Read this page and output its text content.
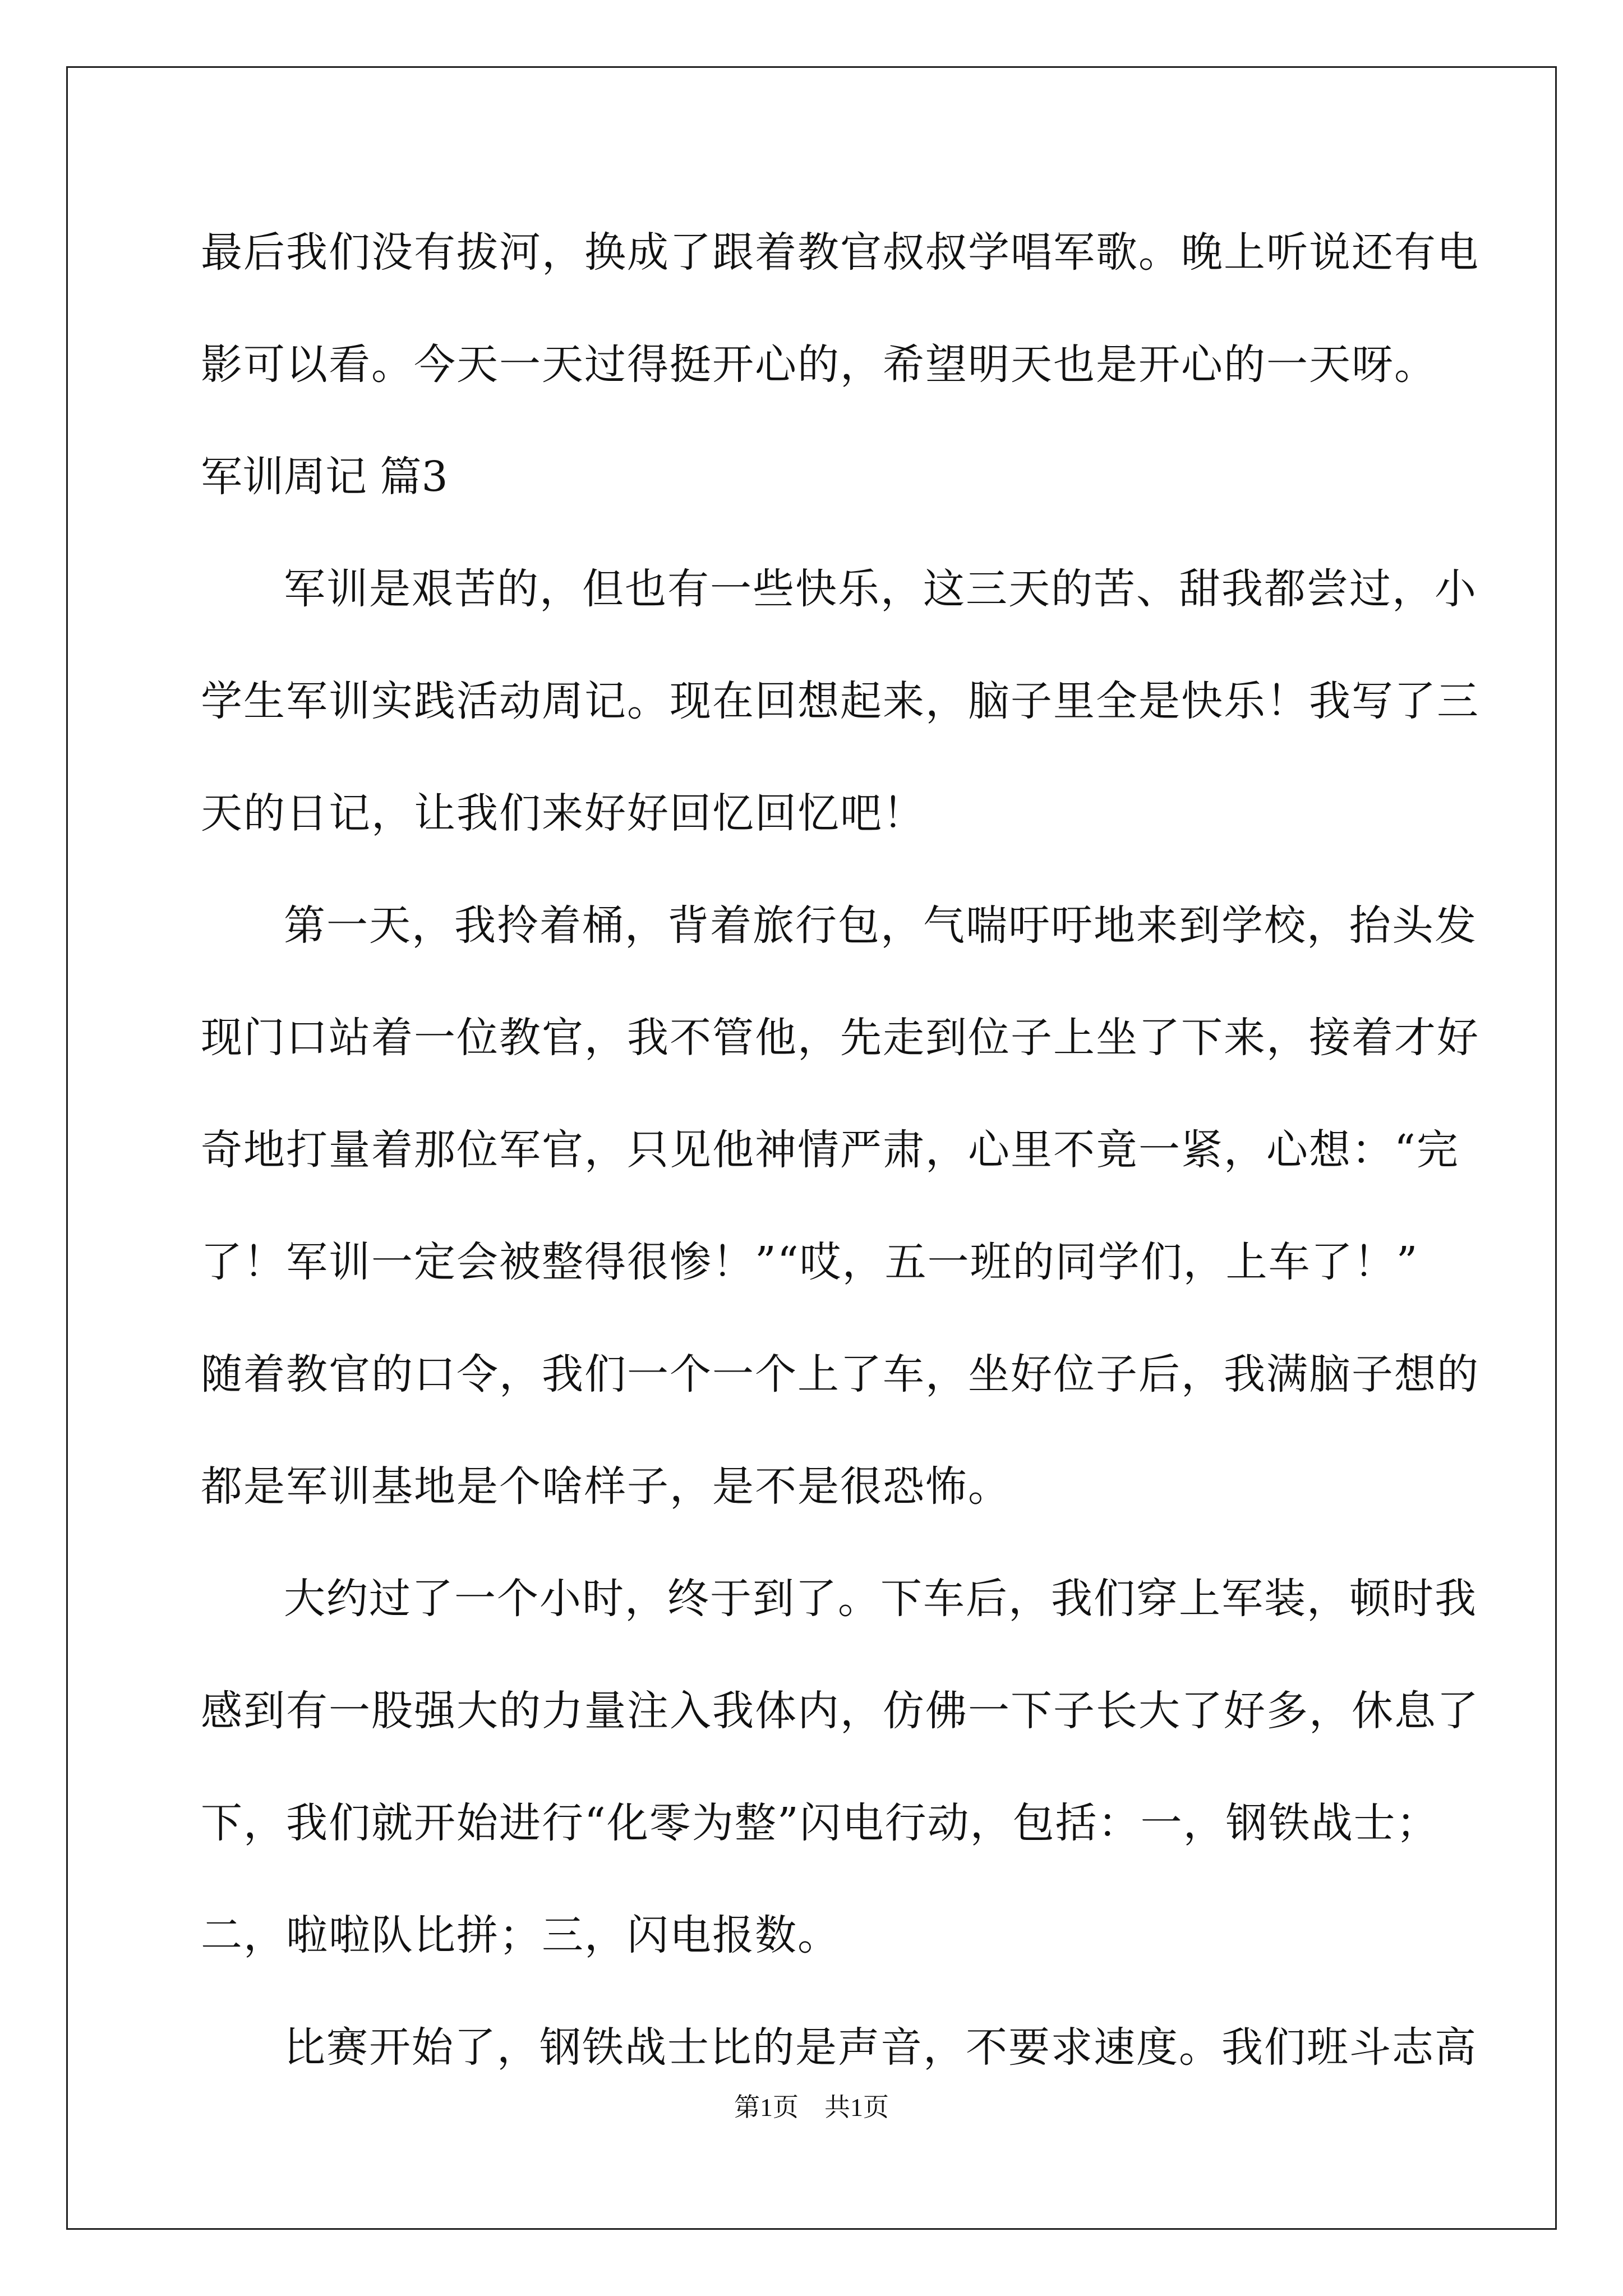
最后我们没有拔河，换成了跟着教官叔叔学唱军歌。晚上听说还有电
影可以看。今天一天过得挺开心的，希望明天也是开心的一天呀。
军训周记 篇3
军训是艰苦的，但也有一些快乐，这三天的苦、甜我都尝过，小
学生军训实践活动周记。现在回想起来，脑子里全是快乐！我写了三
天的日记，让我们来好好回忆回忆吧！
第一天，我拎着桶，背着旅行包，气喘吁吁地来到学校，抬头发
现门口站着一位教官，我不管他，先走到位子上坐了下来，接着才好
奇地打量着那位军官，只见他神情严肃，心里不竟一紧，心想：“完
了！军训一定会被整得很惨！”“哎，五一班的同学们，上车了！”
随着教官的口令，我们一个一个上了车，坐好位子后，我满脑子想的
都是军训基地是个啥样子，是不是很恐怖。
大约过了一个小时，终于到了。下车后，我们穿上军装，顿时我
感到有一股强大的力量注入我体内，仿佛一下子长大了好多，休息了
下，我们就开始进行“化零为整”闪电行动，包括：一，钢铁战士；
二，啦啦队比拼；三，闪电报数。
比赛开始了，钢铁战士比的是声音，不要求速度。我们班斗志高
第1页　共1页
